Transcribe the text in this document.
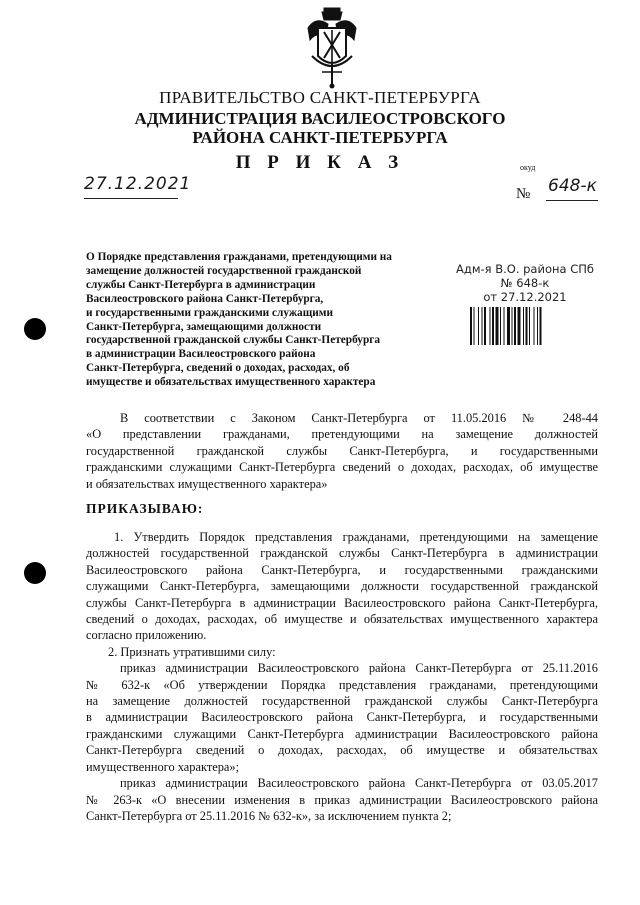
ПРАВИТЕЛЬСТВО САНКТ-ПЕТЕРБУРГА
АДМИНИСТРАЦИЯ ВАСИЛЕОСТРОВСКОГО
РАЙОНА САНКТ-ПЕТЕРБУРГА
П Р И К А З	окуд
27.12.2021	№ 648-к
О Порядке представления гражданами, претендующими на
замещение должностей государственной гражданской
службы Санкт-Петербурга в администрации
Василеостровского района Санкт-Петербурга,
и государственными гражданскими служащими
Санкт-Петербурга, замещающими должности
государственной гражданской службы Санкт-Петербурга
в администрации Василеостровского района
Санкт-Петербурга, сведений о доходах, расходах, об
имуществе и обязательствах имущественного характера
Адм-я В.О. района СПб
№ 648-к
от 27.12.2021
В соответствии с Законом Санкт-Петербурга от 11.05.2016 № 248-44
«О представлении гражданами, претендующими на замещение должностей
государственной гражданской службы Санкт-Петербурга, и государственными
гражданскими служащими Санкт-Петербурга сведений о доходах, расходах, об имуществе
и обязательствах имущественного характера»
ПРИКАЗЫВАЮ:
1. Утвердить Порядок представления гражданами, претендующими на замещение
должностей государственной гражданской службы Санкт-Петербурга в администрации
Василеостровского района Санкт-Петербурга, и государственными гражданскими
служащими Санкт-Петербурга, замещающими должности государственной гражданской
службы Санкт-Петербурга в администрации Василеостровского района Санкт-Петербурга,
сведений о доходах, расходах, об имуществе и обязательствах имущественного характера
согласно приложению.
2. Признать утратившими силу:
приказ администрации Василеостровского района Санкт-Петербурга от 25.11.2016
№ 632-к «Об утверждении Порядка представления гражданами, претендующими
на замещение должностей государственной гражданской службы Санкт-Петербурга
в администрации Василеостровского района Санкт-Петербурга, и государственными
гражданскими служащими Санкт-Петербурга администрации Василеостровского района
Санкт-Петербурга сведений о доходах, расходах, об имуществе и обязательствах
имущественного характера»;
приказ администрации Василеостровского района Санкт-Петербурга от 03.05.2017
№ 263-к «О внесении изменения в приказ администрации Василеостровского района
Санкт-Петербурга от 25.11.2016 № 632-к», за исключением пункта 2;
